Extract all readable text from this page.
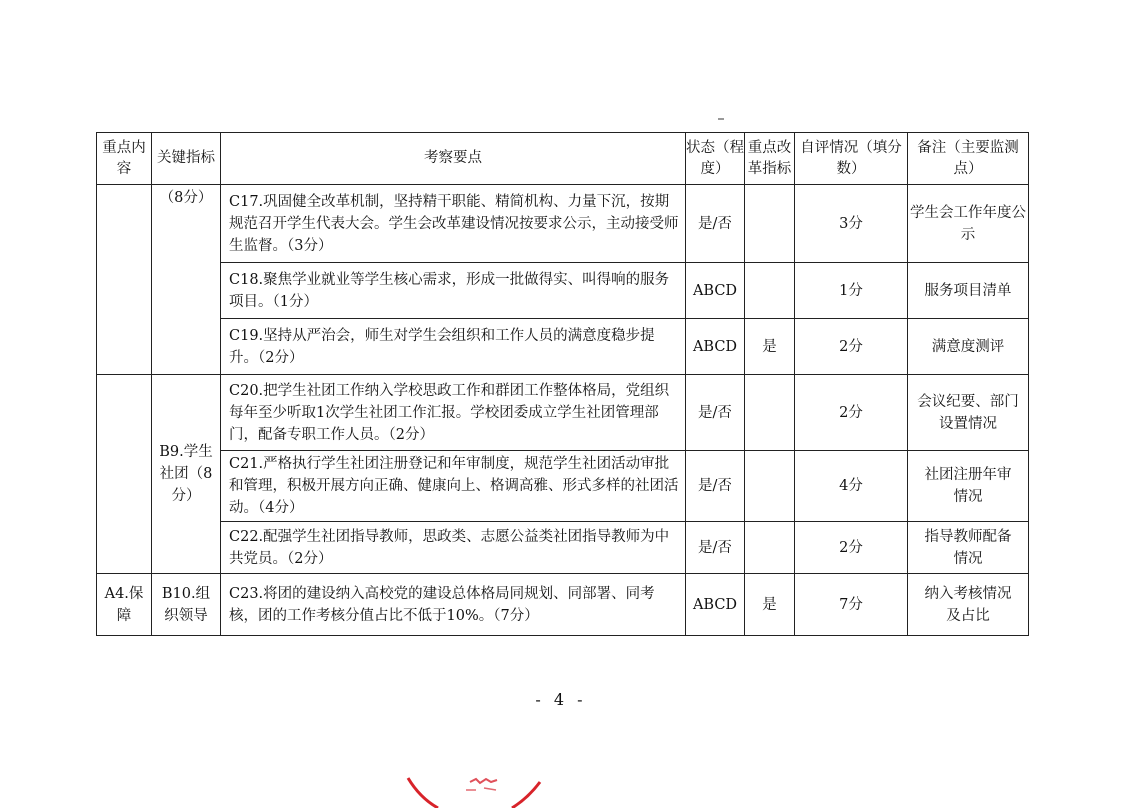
重点内容	关键指标	考察要点	状态（程度）	重点改革指标	自评情况（填分数）	备注（主要监测点）
	（8分）	C17.巩固健全改革机制，坚持精干职能、精简机构、力量下沉，按期规范召开学生代表大会。学生会改革建设情况按要求公示，主动接受师生监督。（3分）	是/否		3分	学生会工作年度公示
		C18.聚焦学业就业等学生核心需求，形成一批做得实、叫得响的服务项目。（1分）	ABCD		1分	服务项目清单
		C19.坚持从严治会，师生对学生会组织和工作人员的满意度稳步提升。（2分）	ABCD	是	2分	满意度测评
	B9.学生社团（8分）	C20.把学生社团工作纳入学校思政工作和群团工作整体格局，党组织每年至少听取1次学生社团工作汇报。学校团委成立学生社团管理部门，配备专职工作人员。（2分）	是/否		2分	会议纪要、部门设置情况
		C21.严格执行学生社团注册登记和年审制度，规范学生社团活动审批和管理，积极开展方向正确、健康向上、格调高雅、形式多样的社团活动。（4分）	是/否		4分	社团注册年审情况
		C22.配强学生社团指导教师，思政类、志愿公益类社团指导教师为中共党员。（2分）	是/否		2分	指导教师配备情况
A4.保障	B10.组织领导	C23.将团的建设纳入高校党的建设总体格局同规划、同部署、同考核，团的工作考核分值占比不低于10%。（7分）	ABCD	是	7分	纳入考核情况及占比
- 4 -
